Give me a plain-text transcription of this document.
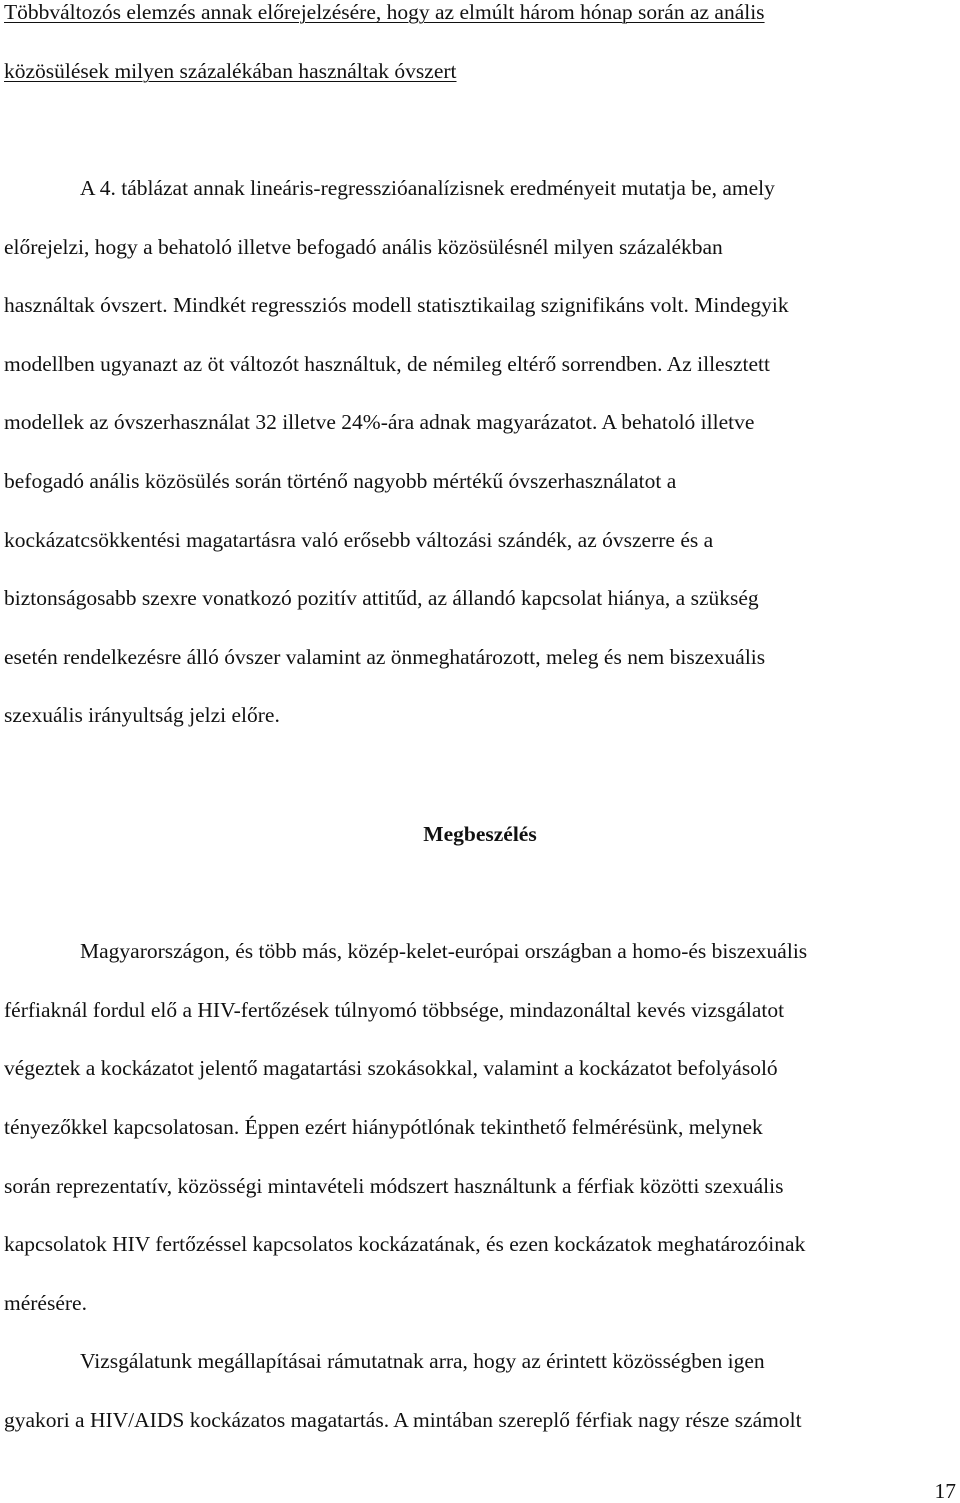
Többváltozós elemzés annak előrejelzésére, hogy az elmúlt három hónap során az anális
közösülések milyen százalékában használtak óvszert
A 4. táblázat annak lineáris-regresszióanalízisnek eredményeit mutatja be, amely
előrejelzi, hogy a behatoló illetve befogadó anális közösülésnél milyen százalékban
használtak óvszert. Mindkét regressziós modell statisztikailag szignifikáns volt. Mindegyik
modellben ugyanazt az öt változót használtuk, de némileg eltérő sorrendben. Az illesztett
modellek az óvszerhasználat 32 illetve 24%-ára adnak magyarázatot. A behatoló illetve
befogadó anális közösülés során történő nagyobb mértékű óvszerhasználatot a
kockázatcsökkentési magatartásra való erősebb változási szándék, az óvszerre és a
biztonságosabb szexre vonatkozó pozitív attitűd, az állandó kapcsolat hiánya, a szükség
esetén rendelkezésre álló óvszer valamint az önmeghatározott, meleg és nem biszexuális
szexuális irányultság jelzi előre.
Megbeszélés
Magyarországon, és több más, közép-kelet-európai országban a homo-és biszexuális
férfiaknál fordul elő a HIV-fertőzések túlnyomó többsége, mindazonáltal kevés vizsgálatot
végeztek a kockázatot jelentő magatartási szokásokkal, valamint a kockázatot befolyásoló
tényezőkkel kapcsolatosan. Éppen ezért hiánypótlónak tekinthető felmérésünk, melynek
során reprezentatív, közösségi mintavételi módszert használtunk a férfiak közötti szexuális
kapcsolatok HIV fertőzéssel kapcsolatos kockázatának, és ezen kockázatok meghatározóinak
mérésére.
Vizsgálatunk megállapításai rámutatnak arra, hogy az érintett közösségben igen
gyakori a HIV/AIDS kockázatos magatartás. A mintában szereplő férfiak nagy része számolt
17
